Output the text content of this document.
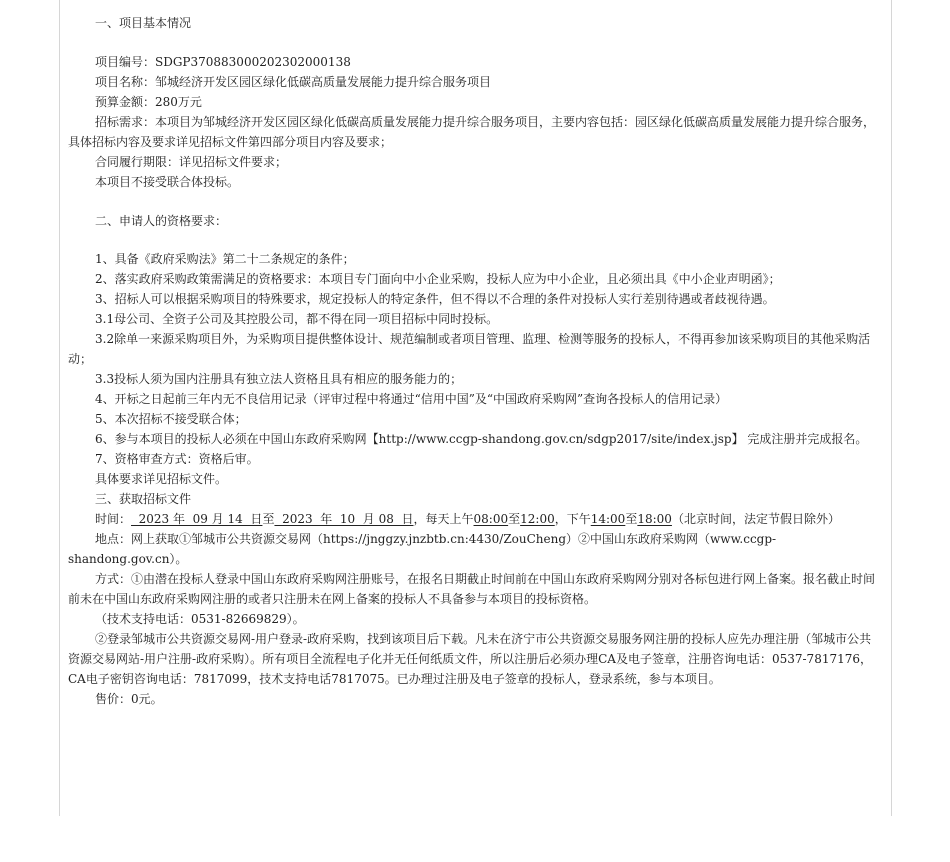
一、项目基本情况

项目编号：SDGP370883000202302000138

项目名称：邹城经济开发区园区绿化低碳高质量发展能力提升综合服务项目

预算金额：280万元

招标需求：本项目为邹城经济开发区园区绿化低碳高质量发展能力提升综合服务项目，主要内容包括：园区绿化低碳高质量发展能力提升综合服务，具体招标内容及要求详见招标文件第四部分项目内容及要求；

合同履行期限：详见招标文件要求；

本项目不接受联合体投标。

二、申请人的资格要求：

1、具备《政府采购法》第二十二条规定的条件；

2、落实政府采购政策需满足的资格要求：本项目专门面向中小企业采购，投标人应为中小企业，且必须出具《中小企业声明函》；

3、招标人可以根据采购项目的特殊要求，规定投标人的特定条件，但不得以不合理的条件对投标人实行差别待遇或者歧视待遇。

3.1母公司、全资子公司及其控股公司，都不得在同一项目招标中同时投标。

3.2除单一来源采购项目外，为采购项目提供整体设计、规范编制或者项目管理、监理、检测等服务的投标人，不得再参加该采购项目的其他采购活动；

3.3投标人须为国内注册具有独立法人资格且具有相应的服务能力的；

4、开标之日起前三年内无不良信用记录（评审过程中将通过“信用中国”及“中国政府采购网”查询各投标人的信用记录）

5、本次招标不接受联合体；

6、参与本项目的投标人必须在中国山东政府采购网【http://www.ccgp-shandong.gov.cn/sdgp2017/site/index.jsp】 完成注册并完成报名。

7、资格审查方式：资格后审。

具体要求详见招标文件。

三、获取招标文件

时间：  2023 年  09 月 14  日至  2023  年  10  月 08  日，每天上午08:00至12:00，下午14:00至18:00（北京时间，法定节假日除外）

地点：网上获取①邹城市公共资源交易网（https://jnggzy.jnzbtb.cn:4430/ZouCheng）②中国山东政府采购网（www.ccgp-shandong.gov.cn）。

方式：①由潜在投标人登录中国山东政府采购网注册账号，在报名日期截止时间前在中国山东政府采购网分别对各标包进行网上备案。报名截止时间前未在中国山东政府采购网注册的或者只注册未在网上备案的投标人不具备参与本项目的投标资格。

（技术支持电话：0531-82669829）。

②登录邹城市公共资源交易网-用户登录-政府采购，找到该项目后下载。凡未在济宁市公共资源交易服务网注册的投标人应先办理注册（邹城市公共资源交易网站-用户注册-政府采购）。所有项目全流程电子化并无任何纸质文件，所以注册后必须办理CA及电子签章，注册咨询电话：0537-7817176，CA电子密钥咨询电话：7817099，技术支持电话7817075。已办理过注册及电子签章的投标人，登录系统，参与本项目。

售价：0元。
